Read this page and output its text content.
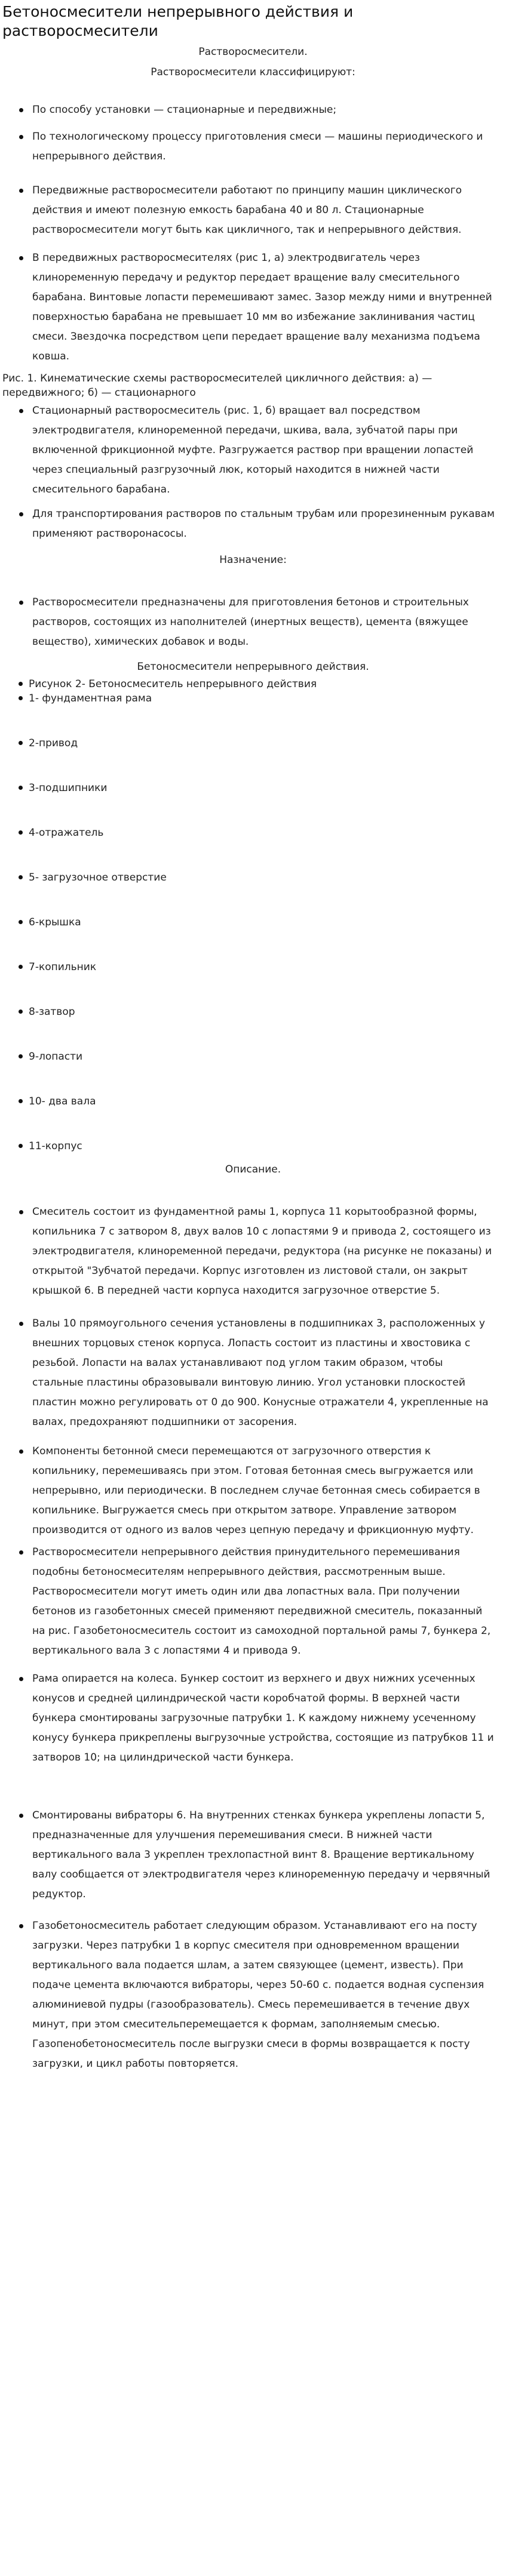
Бетоносмесители непрерывного действия и растворосмесители
Растворосмесители.
Растворосмесители классифицируют:
По способу установки — стационарные и передвижные;
По технологическому процессу приготовления смеси — машины периодического и непрерывного действия.
Передвижные растворосмесители работают по принципу машин циклического действия и имеют полезную емкость барабана 40 и 80 л. Стационарные растворосмесители могут быть как цикличного, так и непрерывного действия.
В передвижных растворосмесителях (рис 1, а) электродвигатель через клиноременную передачу и редуктор передает вращение валу смесительного барабана. Винтовые лопасти перемешивают замес. Зазор между ними и внутренней поверхностью барабана не превышает 10 мм во избежание заклинивания частиц смеси. Звездочка посредством цепи передает вращение валу механизма подъема ковша.
Рис. 1. Кинематические схемы растворосмесителей цикличного действия: а) — передвижного; б) — стационарного
Стационарный растворосмеситель (рис. 1, б) вращает вал посредством электродвигателя, клиноременной передачи, шкива, вала, зубчатой пары при включенной фрикционной муфте. Разгружается раствор при вращении лопастей через специальный разгрузочный люк, который находится в нижней части смесительного барабана.
Для транспортирования растворов по стальным трубам или прорезиненным рукавам применяют растворонасосы.
Назначение:
Растворосмесители предназначены для приготовления бетонов и строительных растворов, состоящих из наполнителей (инертных веществ), цемента (вяжущее вещество), химических добавок и воды.
Бетоносмесители непрерывного действия.
Рисунок 2- Бетоносмеситель непрерывного действия
1- фундаментная рама
2-привод
3-подшипники
4-отражатель
5- загрузочное отверстие
6-крышка
7-копильник
8-затвор
9-лопасти
10- два вала
11-корпус
Описание.
Смеситель состоит из фундаментной рамы 1, корпуса 11 корытообразной формы, копильника 7 с затвором 8, двух валов 10 с лопастями 9 и привода 2, состоящего из электродвигателя, клиноременной передачи, редуктора (на рисунке не показаны) и открытой "Зубчатой передачи. Корпус изготовлен из листовой стали, он закрыт крышкой 6. В передней части корпуса находится загрузочное отверстие 5.
Валы 10 прямоугольного сечения установлены в подшипниках 3, расположенных у внешних торцовых стенок корпуса. Лопасть состоит из пластины и хвостовика с резьбой. Лопасти на валах устанавливают под углом таким образом, чтобы стальные пластины образовывали винтовую линию. Угол установки плоскостей пластин можно регулировать от 0 до 900. Конусные отражатели 4, укрепленные на валах, предохраняют подшипники от засорения.
Компоненты бетонной смеси перемещаются от загрузочного отверстия к копильнику, перемешиваясь при этом. Готовая бетонная смесь выгружается или непрерывно, или периодически. В последнем случае бетонная смесь собирается в копильнике. Выгружается смесь при открытом затворе. Управление затвором производится от одного из валов через цепную передачу и фрикционную муфту.
Растворосмесители непрерывного действия принудительного перемешивания подобны бетоносмесителям непрерывного действия, рассмотренным выше. Растворосмесители могут иметь один или два лопастных вала. При получении бетонов из газобетонных смесей применяют передвижной смеситель, показанный на рис. Газобетоносмеситель состоит из самоходной портальной рамы 7, бункера 2, вертикального вала 3 с лопастями 4 и привода 9.
Рама опирается на колеса. Бункер состоит из верхнего и двух нижних усеченных конусов и средней цилиндрической части коробчатой формы. В верхней части бункера смонтированы загрузочные патрубки 1. К каждому нижнему усеченному конусу бункера прикреплены выгрузочные устройства, состоящие из патрубков 11 и затворов 10; на цилиндрической части бункера.
Смонтированы вибраторы 6. На внутренних стенках бункера укреплены лопасти 5, предназначенные для улучшения перемешивания смеси. В нижней части вертикального вала 3 укреплен трехлопастной винт 8. Вращение вертикальному валу сообщается от электродвигателя через клиноременную передачу и червячный редуктор.
Газобетоносмеситель работает следующим образом. Устанавливают его на посту загрузки. Через патрубки 1 в корпус смесителя при одновременном вращении вертикального вала подается шлам, а затем связующее (цемент, известь). При подаче цемента включаются вибраторы, через 50-60 с. подается водная суспензия алюминиевой пудры (газообразователь). Смесь перемешивается в течение двух минут, при этом смесительперемещается к формам, заполняемым смесью. Газопенобетоносмеситель после выгрузки смеси в формы возвращается к посту загрузки, и цикл работы повторяется.
